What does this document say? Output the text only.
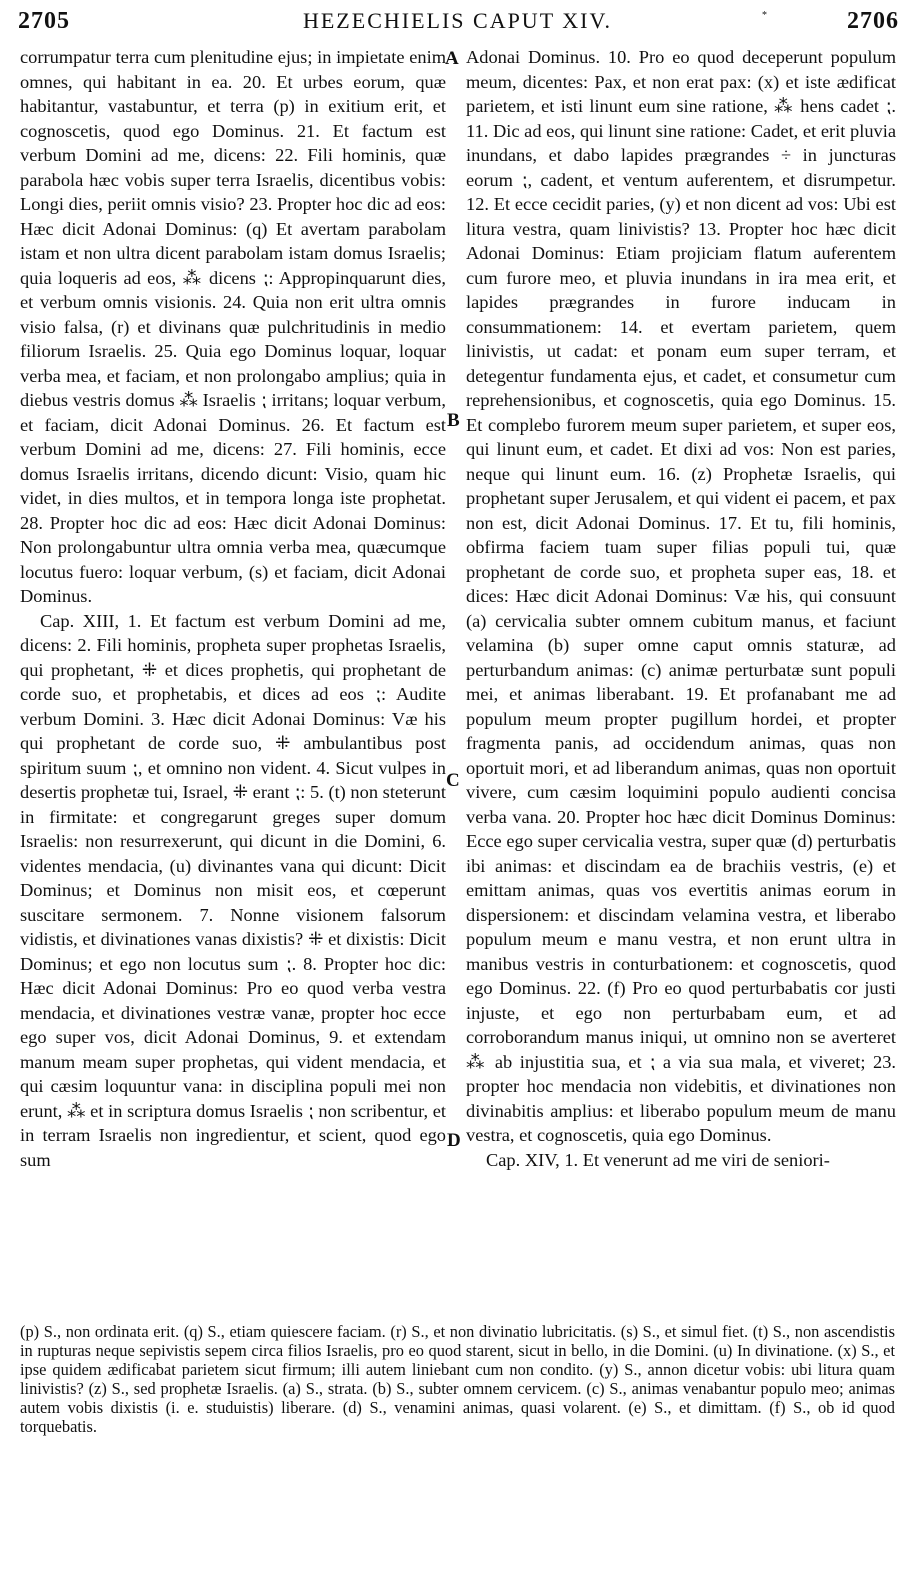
2705	HEZECHIELIS CAPUT XIV.	*	2706

corrumpatur terra cum plenitudine ejus; in impietate enim omnes, qui habitant in ea. 20. Et urbes eorum, quæ habitantur, vastabuntur, et terra (p) in exitium erit, et cognoscetis, quod ego Dominus. 21. Et factum est verbum Domini ad me, dicens: 22. Fili hominis, quæ parabola hæc vobis super terra Israelis, dicentibus vobis: Longi dies, periit omnis visio? 23. Propter hoc dic ad eos: Hæc dicit Adonai Dominus: (q) Et avertam parabolam istam et non ultra dicent parabolam istam domus Israelis; quia loqueris ad eos, ⁂ dicens ⁏: Appropinquarunt dies, et verbum omnis visionis. 24. Quia non erit ultra omnis visio falsa, (r) et divinans quæ pulchritudinis in medio filiorum Israelis. 25. Quia ego Dominus loquar, loquar verba mea, et faciam, et non prolongabo amplius; quia in diebus vestris domus ⁂ Israelis ⁏ irritans; loquar verbum, et faciam, dicit Adonai Dominus. 26. Et factum est verbum Domini ad me, dicens: 27. Fili hominis, ecce domus Israelis irritans, dicendo dicunt: Visio, quam hic videt, in dies multos, et in tempora longa iste prophetat. 28. Propter hoc dic ad eos: Hæc dicit Adonai Dominus: Non prolongabuntur ultra omnia verba mea, quæcumque locutus fuero: loquar verbum, (s) et faciam, dicit Adonai Dominus.

Cap. XIII, 1. Et factum est verbum Domini ad me, dicens: 2. Fili hominis, propheta super prophetas Israelis, qui prophetant, ⁜ et dices prophetis, qui prophetant de corde suo, et prophetabis, et dices ad eos ⁏: Audite verbum Domini. 3. Hæc dicit Adonai Dominus: Væ his qui prophetant de corde suo, ⁜ ambulantibus post spiritum suum ⁏, et omnino non vident. 4. Sicut vulpes in desertis prophetæ tui, Israel, ⁜ erant ⁏: 5. (t) non steterunt in firmitate: et congregarunt greges super domum Israelis: non resurrexerunt, qui dicunt in die Domini, 6. videntes mendacia, (u) divinantes vana qui dicunt: Dicit Dominus; et Dominus non misit eos, et cœperunt suscitare sermonem. 7. Nonne visionem falsorum vidistis, et divinationes vanas dixistis? ⁜ et dixistis: Dicit Dominus; et ego non locutus sum ⁏. 8. Propter hoc dic: Hæc dicit Adonai Dominus: Pro eo quod verba vestra mendacia, et divinationes vestræ vanæ, propter hoc ecce ego super vos, dicit Adonai Dominus, 9. et extendam manum meam super prophetas, qui vident mendacia, et qui cæsim loquuntur vana: in disciplina populi mei non erunt, ⁂ et in scriptura domus Israelis ⁏ non scribentur, et in terram Israelis non ingredientur, et scient, quod ego sum

A
B
C
D

Adonai Dominus. 10. Pro eo quod deceperunt populum meum, dicentes: Pax, et non erat pax: (x) et iste ædificat parietem, et isti linunt eum sine ratione, ⁂ hens cadet ⁏. 11. Dic ad eos, qui linunt sine ratione: Cadet, et erit pluvia inundans, et dabo lapides prægrandes ÷ in juncturas eorum ⁏, cadent, et ventum auferentem, et disrumpetur. 12. Et ecce cecidit paries, (y) et non dicent ad vos: Ubi est litura vestra, quam linivistis? 13. Propter hoc hæc dicit Adonai Dominus: Etiam projiciam flatum auferentem cum furore meo, et pluvia inundans in ira mea erit, et lapides prægrandes in furore inducam in consummationem: 14. et evertam parietem, quem linivistis, ut cadat: et ponam eum super terram, et detegentur fundamenta ejus, et cadet, et consumetur cum reprehensionibus, et cognoscetis, quia ego Dominus. 15. Et complebo furorem meum super parietem, et super eos, qui linunt eum, et cadet. Et dixi ad vos: Non est paries, neque qui linunt eum. 16. (z) Prophetæ Israelis, qui prophetant super Jerusalem, et qui vident ei pacem, et pax non est, dicit Adonai Dominus. 17. Et tu, fili hominis, obfirma faciem tuam super filias populi tui, quæ prophetant de corde suo, et propheta super eas, 18. et dices: Hæc dicit Adonai Dominus: Væ his, qui consuunt (a) cervicalia subter omnem cubitum manus, et faciunt velamina (b) super omne caput omnis staturæ, ad perturbandum animas: (c) animæ perturbatæ sunt populi mei, et animas liberabant. 19. Et profanabant me ad populum meum propter pugillum hordei, et propter fragmenta panis, ad occidendum animas, quas non oportuit mori, et ad liberandum animas, quas non oportuit vivere, cum cæsim loquimini populo audienti concisa verba vana. 20. Propter hoc hæc dicit Dominus Dominus: Ecce ego super cervicalia vestra, super quæ (d) perturbatis ibi animas: et discindam ea de brachiis vestris, (e) et emittam animas, quas vos evertitis animas eorum in dispersionem: et discindam velamina vestra, et liberabo populum meum e manu vestra, et non erunt ultra in manibus vestris in conturbationem: et cognoscetis, quod ego Dominus. 22. (f) Pro eo quod perturbabatis cor justi injuste, et ego non perturbabam eum, et ad corroborandum manus iniqui, ut omnino non se averteret ⁂ ab injustitia sua, et ⁏ a via sua mala, et viveret; 23. propter hoc mendacia non videbitis, et divinationes non divinabitis amplius: et liberabo populum meum de manu vestra, et cognoscetis, quia ego Dominus.

Cap. XIV, 1. Et venerunt ad me viri de seniori-

(p) S., non ordinata erit. (q) S., etiam quiescere faciam. (r) S., et non divinatio lubricitatis. (s) S., et simul fiet. (t) S., non ascendistis in rupturas neque sepivistis sepem circa filios Israelis, pro eo quod starent, sicut in bello, in die Domini. (u) In divinatione. (x) S., et ipse quidem ædificabat parietem sicut firmum; illi autem liniebant cum non condito. (y) S., annon dicetur vobis: ubi litura quam linivistis? (z) S., sed prophetæ Israelis. (a) S., strata. (b) S., subter omnem cervicem. (c) S., animas venabantur populo meo; animas autem vobis dixistis (i. e. studuistis) liberare. (d) S., venamini animas, quasi volarent. (e) S., et dimittam. (f) S., ob id quod torquebatis.
